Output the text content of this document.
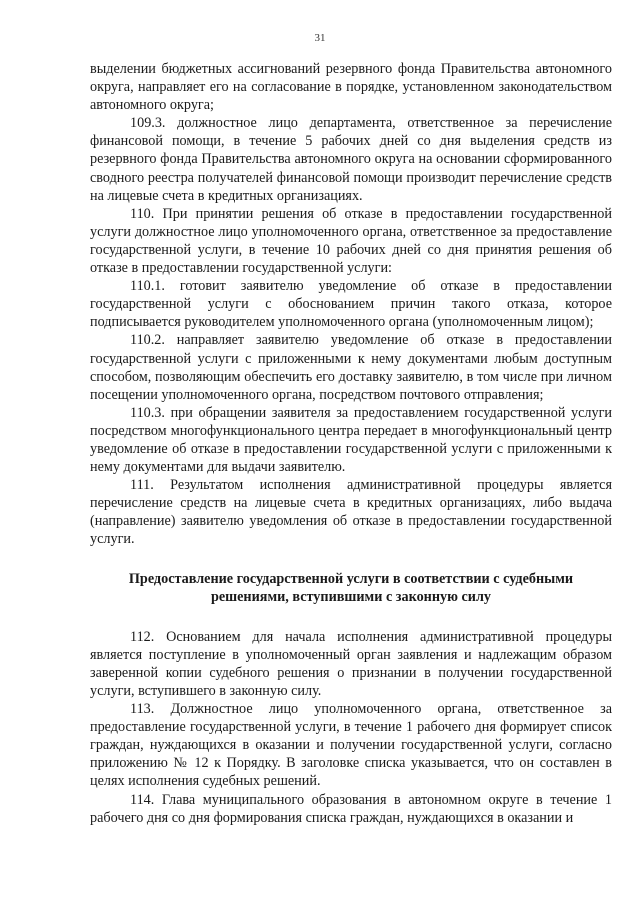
31

выделении бюджетных ассигнований резервного фонда Правительства автономного округа, направляет его на согласование в порядке, установленном законодательством автономного округа;

109.3. должностное лицо департамента, ответственное за перечисление финансовой помощи, в течение 5 рабочих дней со дня выделения средств из резервного фонда Правительства автономного округа на основании сформированного сводного реестра получателей финансовой помощи производит перечисление средств на лицевые счета в кредитных организациях.

110. При принятии решения об отказе в предоставлении государственной услуги должностное лицо уполномоченного органа, ответственное за предоставление государственной услуги, в течение 10 рабочих дней со дня принятия решения об отказе в предоставлении государственной услуги:

110.1. готовит заявителю уведомление об отказе в предоставлении государственной услуги с обоснованием причин такого отказа, которое подписывается руководителем уполномоченного органа (уполномоченным лицом);

110.2. направляет заявителю уведомление об отказе в предоставлении государственной услуги с приложенными к нему документами любым доступным способом, позволяющим обеспечить его доставку заявителю, в том числе при личном посещении уполномоченного органа, посредством почтового отправления;

110.3. при обращении заявителя за предоставлением государственной услуги посредством многофункционального центра передает в многофункциональный центр уведомление об отказе в предоставлении государственной услуги с приложенными к нему документами для выдачи заявителю.

111. Результатом исполнения административной процедуры является перечисление средств на лицевые счета в кредитных организациях, либо выдача (направление) заявителю уведомления об отказе в предоставлении государственной услуги.

Предоставление государственной услуги в соответствии с судебными решениями, вступившими с законную силу

112. Основанием для начала исполнения административной процедуры является поступление в уполномоченный орган заявления и надлежащим образом заверенной копии судебного решения о признании в получении государственной услуги, вступившего в законную силу.

113. Должностное лицо уполномоченного органа, ответственное за предоставление государственной услуги, в течение 1 рабочего дня формирует список граждан, нуждающихся в оказании и получении государственной услуги, согласно приложению № 12 к Порядку. В заголовке списка указывается, что он составлен в целях исполнения судебных решений.

114. Глава муниципального образования в автономном округе в течение 1 рабочего дня со дня формирования списка граждан, нуждающихся в оказании и
